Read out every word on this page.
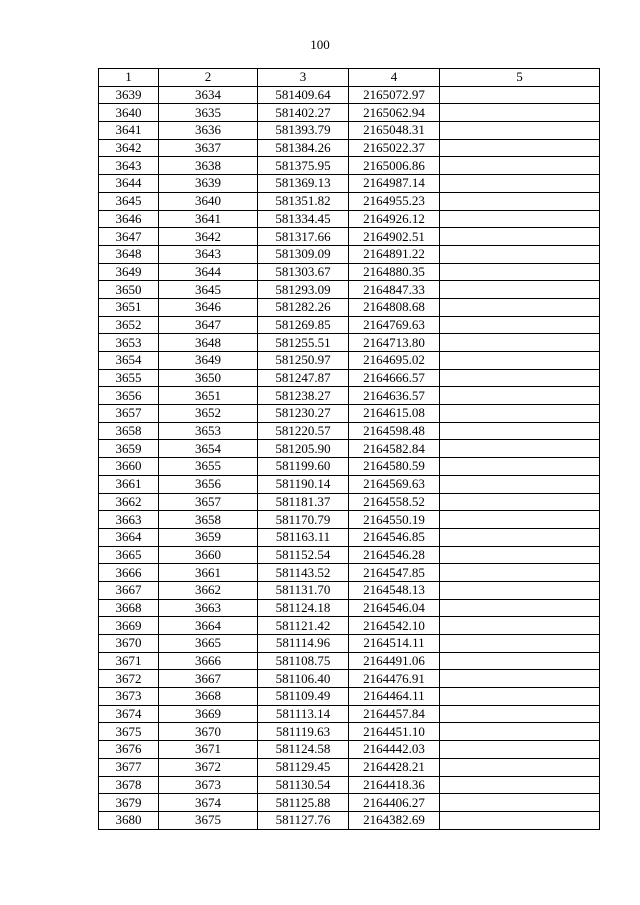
100
1	2	3	4	5
3639	3634	581409.64	2165072.97	
3640	3635	581402.27	2165062.94	
3641	3636	581393.79	2165048.31	
3642	3637	581384.26	2165022.37	
3643	3638	581375.95	2165006.86	
3644	3639	581369.13	2164987.14	
3645	3640	581351.82	2164955.23	
3646	3641	581334.45	2164926.12	
3647	3642	581317.66	2164902.51	
3648	3643	581309.09	2164891.22	
3649	3644	581303.67	2164880.35	
3650	3645	581293.09	2164847.33	
3651	3646	581282.26	2164808.68	
3652	3647	581269.85	2164769.63	
3653	3648	581255.51	2164713.80	
3654	3649	581250.97	2164695.02	
3655	3650	581247.87	2164666.57	
3656	3651	581238.27	2164636.57	
3657	3652	581230.27	2164615.08	
3658	3653	581220.57	2164598.48	
3659	3654	581205.90	2164582.84	
3660	3655	581199.60	2164580.59	
3661	3656	581190.14	2164569.63	
3662	3657	581181.37	2164558.52	
3663	3658	581170.79	2164550.19	
3664	3659	581163.11	2164546.85	
3665	3660	581152.54	2164546.28	
3666	3661	581143.52	2164547.85	
3667	3662	581131.70	2164548.13	
3668	3663	581124.18	2164546.04	
3669	3664	581121.42	2164542.10	
3670	3665	581114.96	2164514.11	
3671	3666	581108.75	2164491.06	
3672	3667	581106.40	2164476.91	
3673	3668	581109.49	2164464.11	
3674	3669	581113.14	2164457.84	
3675	3670	581119.63	2164451.10	
3676	3671	581124.58	2164442.03	
3677	3672	581129.45	2164428.21	
3678	3673	581130.54	2164418.36	
3679	3674	581125.88	2164406.27	
3680	3675	581127.76	2164382.69	
